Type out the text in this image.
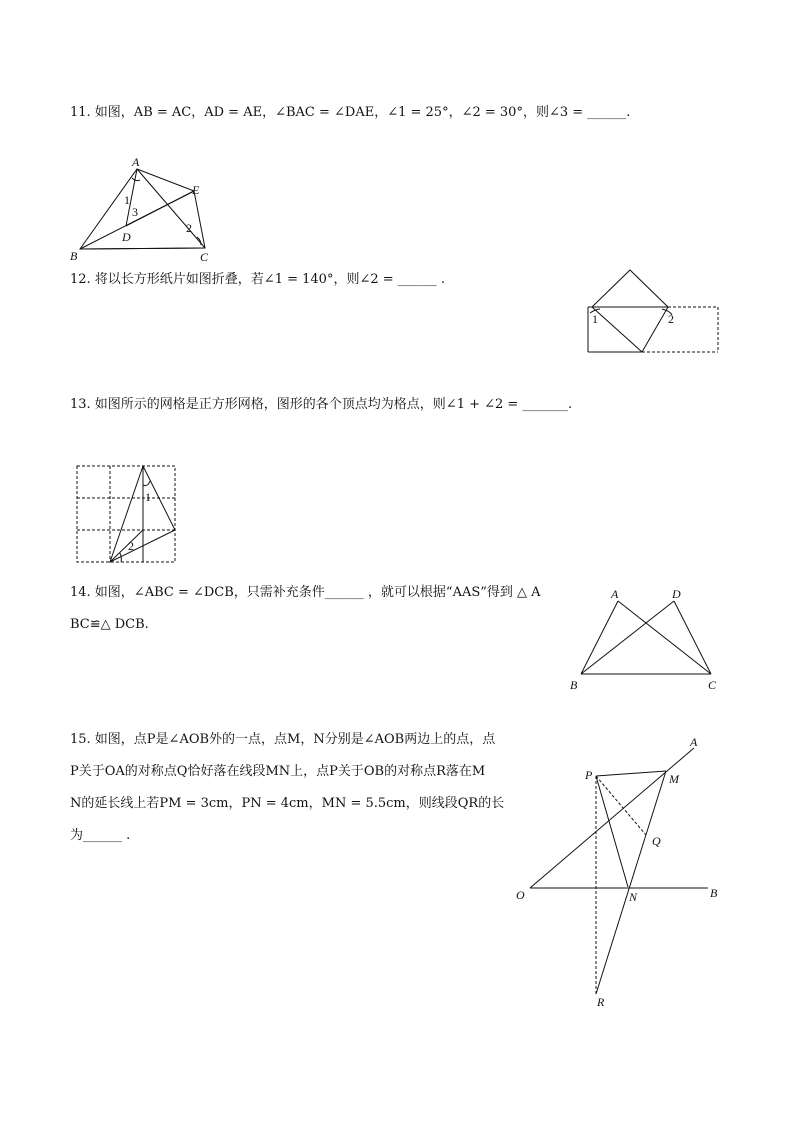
11. 如图，AB = AC，AD = AE，∠BAC = ∠DAE，∠1 = 25°，∠2 = 30°，则∠3 = ______.
A
B	C
D
E
1
3
2
12. 将以长方形纸片如图折叠，若∠1 = 140°，则∠2 = ______ .
1	2
13. 如图所示的网格是正方形网格，图形的各个顶点均为格点，则∠1 + ∠2 = _______.
1
2
14. 如图，∠ABC = ∠DCB，只需补充条件______ ，就可以根据“AAS”得到 △ A
BC≌△ DCB.
A	D
B	C
15. 如图，点P是∠AOB外的一点，点M，N分别是∠AOB两边上的点，点
P关于OA的对称点Q恰好落在线段MN上，点P关于OB的对称点R落在M
N的延长线上若PM = 3cm，PN = 4cm，MN = 5.5cm，则线段QR的长
为______ .
A
P	M
Q
O	N	B
R
